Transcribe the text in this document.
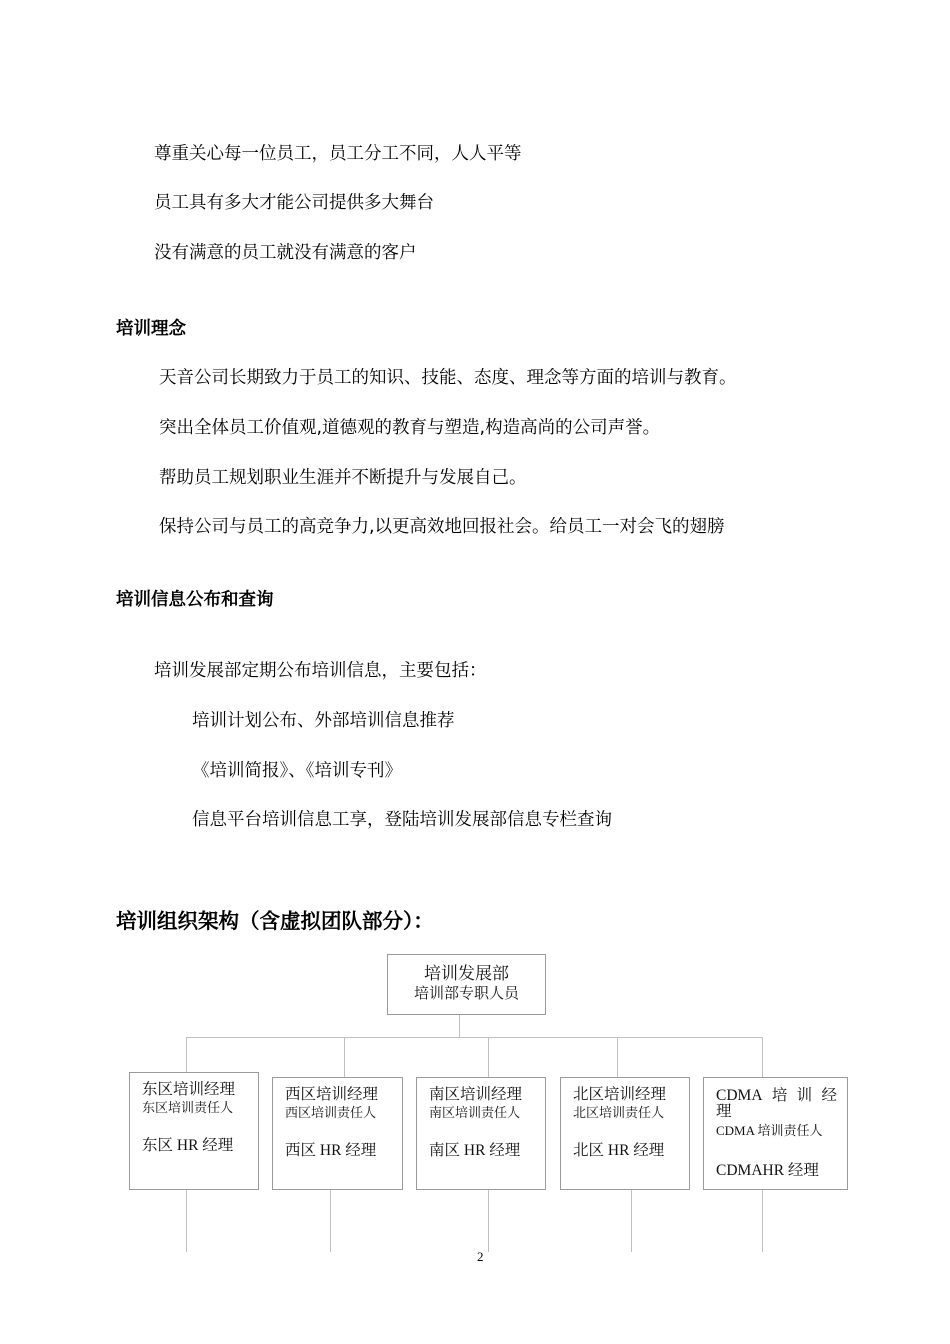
尊重关心每一位员工，员工分工不同，人人平等
员工具有多大才能公司提供多大舞台
没有满意的员工就没有满意的客户
培训理念
天音公司长期致力于员工的知识、技能、态度、理念等方面的培训与教育。
突出全体员工价值观,道德观的教育与塑造,构造高尚的公司声誉。
帮助员工规划职业生涯并不断提升与发展自己。
保持公司与员工的高竞争力,以更高效地回报社会。给员工一对会飞的翅膀
培训信息公布和查询
培训发展部定期公布培训信息，主要包括：
培训计划公布、外部培训信息推荐
《培训简报》、《培训专刊》
信息平台培训信息工享，登陆培训发展部信息专栏查询
培训组织架构（含虚拟团队部分）：
培训发展部
培训部专职人员
东区培训经理
东区培训责任人
东区 HR 经理
西区培训经理
西区培训责任人
西区 HR 经理
南区培训经理
南区培训责任人
南区 HR 经理
北区培训经理
北区培训责任人
北区 HR 经理
CDMA 培 训 经
理
CDMA 培训责任人
CDMAHR 经理
2
